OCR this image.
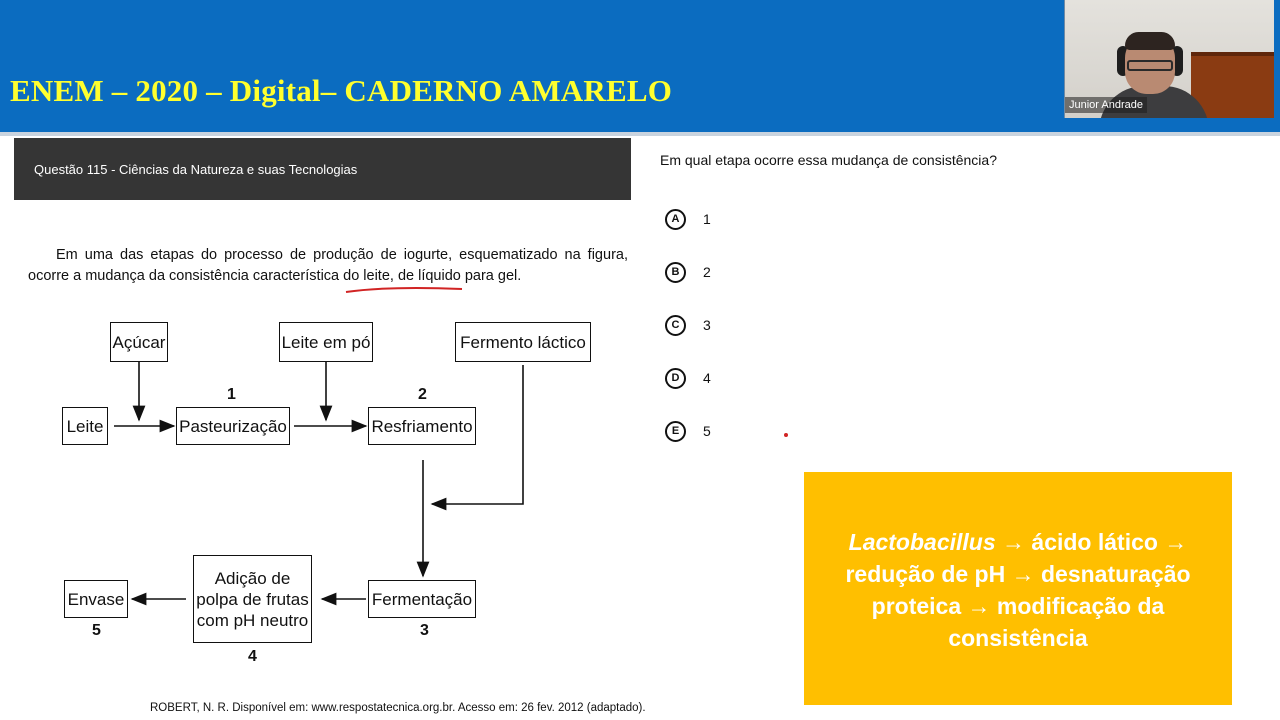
ENEM – 2020 – Digital– CADERNO AMARELO	Junior Andrade
Questão 115 - Ciências da Natureza e suas Tecnologias
Em uma das etapas do processo de produção de iogurte, esquematizado na figura, ocorre a mudança da consistência característica do leite, de líquido para gel.
Açúcar	Leite em pó	Fermento láctico
1	2
Leite	Pasteurização	Resfriamento
Envase
Adição de
polpa de frutas
com pH neutro
Fermentação
5
4
3
ROBERT, N. R. Disponível em: www.respostatecnica.org.br. Acesso em: 26 fev. 2012 (adaptado).
Em qual etapa ocorre essa mudança de consistência?
A	1
B	2
C	3
D	4
E	5
Lactobacillus → ácido lático → redução de pH → desnaturação proteica → modificação da consistência
